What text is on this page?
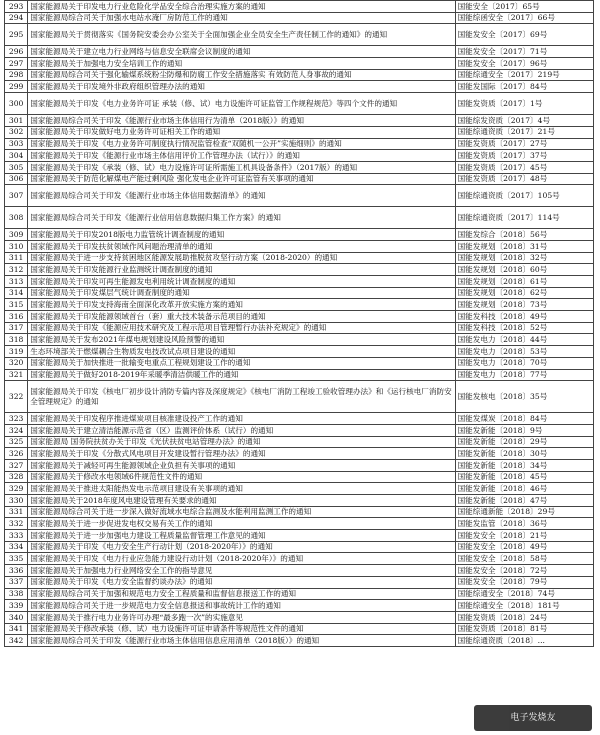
293	国家能源局关于印发电力行业危险化学品安全综合治理实施方案的通知	国能安全〔2017〕65号
294	国家能源局综合司关于加强水电站水淹厂房防范工作的通知	国能综函安全〔2017〕66号
295	国家能源局关于贯彻落实《国务院安委会办公室关于全面加强企业全员安全生产责任制工作的通知》的通知	国能发安全〔2017〕69号
296	国家能源局关于建立电力行业网络与信息安全联席会议制度的通知	国能发安全〔2017〕71号
297	国家能源局关于加强电力安全培训工作的通知	国能发安全〔2017〕96号
298	国家能源局综合司关于强化输煤系统粉尘防爆和防腐工作安全措施落实 有效防范人身事故的通知	国能综通安全〔2017〕219号
299	国家能源局关于印发境外非政府组织管理办法的通知	国能发国际〔2017〕84号
300	国家能源局关于印发《电力业务许可证 承装（修、试）电力设施许可证监管工作规程规范》等四个文件的通知	国能发资质〔2017〕1号
301	国家能源局综合司关于印发《能源行业市场主体信用行为清单（2018版）》的通知	国能综发资质〔2017〕4号
302	国家能源局关于印发做好电力业务许可证相关工作的通知	国能综通资质〔2017〕21号
303	国家能源局关于印发《电力业务许可制度执行情况监管检查“双随机一公开”实施细则》的通知	国能发资质〔2017〕27号
304	国家能源局关于印发《能源行业市场主体信用评价工作管理办法（试行）》的通知	国能发资质〔2017〕37号
305	国家能源局关于印发《承装（修、试）电力设施许可证所需施工机具设备条件》（2017版）的通知	国能发资质〔2017〕45号
306	国家能源局关于防范化解煤电产能过剩风险 强化发电企业许可证监管有关事项的通知	国能发资质〔2017〕48号
307	国家能源局综合司关于印发《能源行业市场主体信用数据清单》的通知	国能综通资质〔2017〕105号
308	国家能源局综合司关于印发《能源行业信用信息数据归集工作方案》的通知	国能综通资质〔2017〕114号
309	国家能源局关于印发2018版电力监管统计调查制度的通知	国能发综合〔2018〕56号
310	国家能源局关于印发扶贫领域作风问题治理清单的通知	国能发规划〔2018〕31号
311	国家能源局关于进一步支持贫困地区能源发展助推脱贫攻坚行动方案（2018-2020）的通知	国能发规划〔2018〕32号
312	国家能源局关于印发能源行业监测统计调查制度的通知	国能发规划〔2018〕60号
313	国家能源局关于印发可再生能源发电利用统计调查制度的通知	国能发规划〔2018〕61号
314	国家能源局关于印发煤层气统计调查制度的通知	国能发规划〔2018〕62号
315	国家能源局关于印发支持海南全面深化改革开放实施方案的通知	国能发规划〔2018〕73号
316	国家能源局关于印发能源领域首台（套）重大技术装备示范项目的通知	国能发科技〔2018〕49号
317	国家能源局关于印发《能源应用技术研究及工程示范项目管理暂行办法补充规定》的通知	国能发科技〔2018〕52号
318	国家能源局关于发布2021年煤电规划建设风险预警的通知	国能发电力〔2018〕44号
319	生态环境部关于燃煤耦合生物质发电技改试点项目建设的通知	国能发电力〔2018〕53号
320	国家能源局关于加快推进一批输变电重点工程规划建设工作的通知	国能发电力〔2018〕70号
321	国家能源局关于做好2018-2019年采暖季清洁供暖工作的通知	国能发电力〔2018〕77号
322	国家能源局关于印发《核电厂初步设计消防专篇内容及深度规定》《核电厂消防工程竣工验收管理办法》和《运行核电厂消防安全管理规定》的通知	国能发核电〔2018〕35号
323	国家能源局关于印发程序推进煤炭项目核准建设投产工作的通知	国能发煤炭〔2018〕84号
324	国家能源局关于建立清洁能源示范省（区）监测评价体系（试行）的通知	国能发新能〔2018〕9号
325	国家能源局 国务院扶贫办关于印发《光伏扶贫电站管理办法》的通知	国能发新能〔2018〕29号
326	国家能源局关于印发《分散式风电项目开发建设暂行管理办法》的通知	国能发新能〔2018〕30号
327	国家能源局关于减轻可再生能源领域企业负担有关事项的通知	国能发新能〔2018〕34号
328	国家能源局关于修改水电领域6件规范性文件的通知	国能发新能〔2018〕45号
329	国家能源局关于推进太阳能热发电示范项目建设有关事项的通知	国能发新能〔2018〕46号
330	国家能源局关于2018年度风电建设管理有关要求的通知	国能发新能〔2018〕47号
331	国家能源局综合司关于进一步深入做好流域水电综合监测及水能利用监测工作的通知	国能综通新能〔2018〕29号
332	国家能源局关于进一步促进发电权交易有关工作的通知	国能发监管〔2018〕36号
333	国家能源局关于进一步加强电力建设工程质量监督管理工作意见的通知	国能发安全〔2018〕21号
334	国家能源局关于印发《电力安全生产行动计划（2018-2020年）》的通知	国能发安全〔2018〕49号
335	国家能源局关于印发《电力行业应急能力建设行动计划（2018-2020年）》的通知	国能发安全〔2018〕58号
336	国家能源局关于加强电力行业网络安全工作的指导意见	国能发安全〔2018〕72号
337	国家能源局关于印发《电力安全监督约谈办法》的通知	国能发安全〔2018〕79号
338	国家能源局综合司关于加强和规范电力安全工程质量和监督信息报送工作的通知	国能综通安全〔2018〕74号
339	国家能源局综合司关于进一步规范电力安全信息报送和事故统计工作的通知	国能综通安全〔2018〕181号
340	国家能源局关于推行电力业务许可办理“最多跑一次”的实施意见	国能发资质〔2018〕24号
341	国家能源局关于修改承装（修、试）电力设施许可证申请条件等规范性文件的通知	国能发资质〔2018〕81号
342	国家能源局综合司关于印发《能源行业市场主体信用信息应用清单（2018版）》的通知	国能综通资质〔2018〕...
电子发烧友
